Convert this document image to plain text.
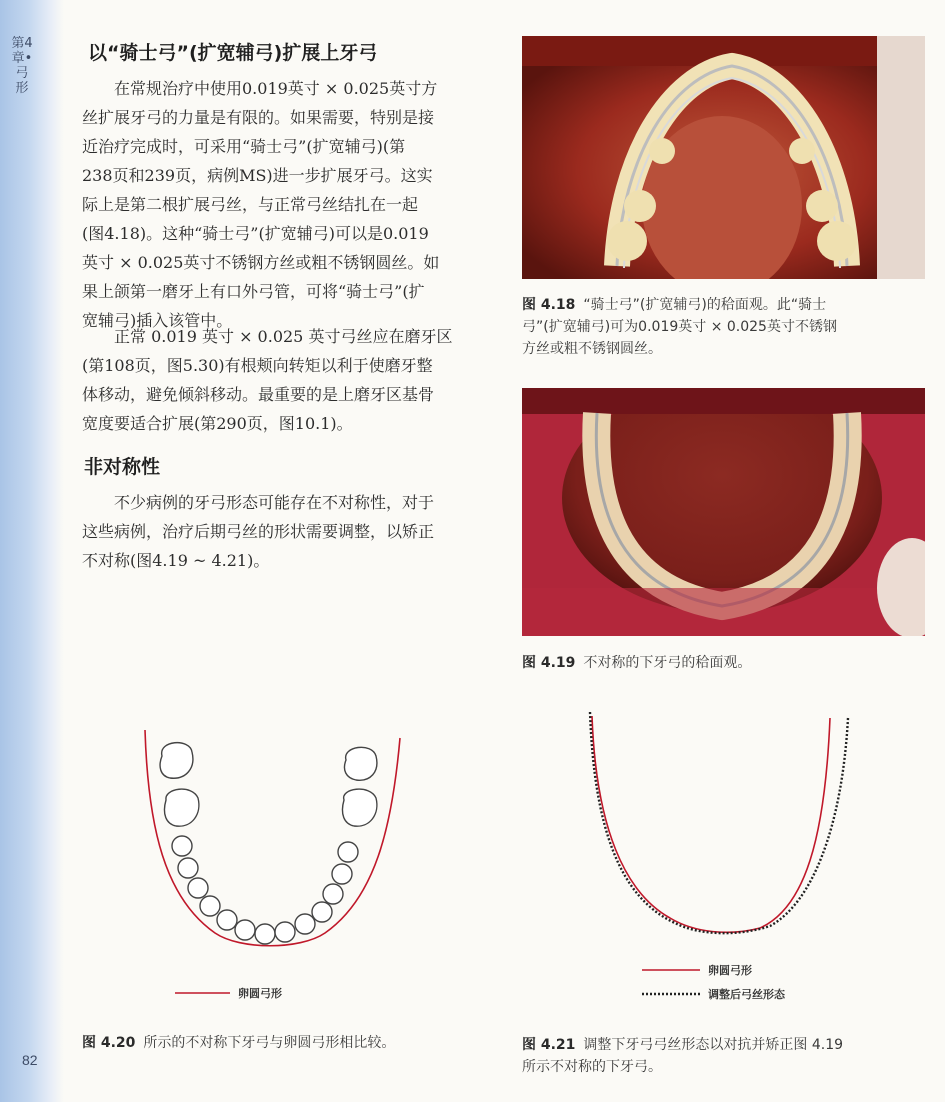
第4章•弓形
82
以“骑士弓”(扩宽辅弓)扩展上牙弓
在常规治疗中使用0.019英寸 × 0.025英寸方
丝扩展牙弓的力量是有限的。如果需要，特别是接
近治疗完成时，可采用“骑士弓”(扩宽辅弓)(第
238页和239页，病例MS)进一步扩展牙弓。这实
际上是第二根扩展弓丝，与正常弓丝结扎在一起
(图4.18)。这种“骑士弓”(扩宽辅弓)可以是0.019
英寸 × 0.025英寸不锈钢方丝或粗不锈钢圆丝。如
果上颌第一磨牙上有口外弓管，可将“骑士弓”(扩
宽辅弓)插入该管中。
正常 0.019 英寸 × 0.025 英寸弓丝应在磨牙区
(第108页，图5.30)有根颊向转矩以利于使磨牙整
体移动，避免倾斜移动。最重要的是上磨牙区基骨
宽度要适合扩展(第290页，图10.1)。
非对称性
不少病例的牙弓形态可能存在不对称性，对于
这些病例，治疗后期弓丝的形状需要调整，以矫正
不对称(图4.19 ~ 4.21)。
图 4.18 “骑士弓”(扩宽辅弓)的秴面观。此“骑士
弓”(扩宽辅弓)可为0.019英寸 × 0.025英寸不锈钢
方丝或粗不锈钢圆丝。
图 4.19 不对称的下牙弓的秴面观。
卵圆弓形
图 4.20 所示的不对称下牙弓与卵圆弓形相比较。
卵圆弓形
调整后弓丝形态
图 4.21 调整下牙弓弓丝形态以对抗并矫正图 4.19
所示不对称的下牙弓。
